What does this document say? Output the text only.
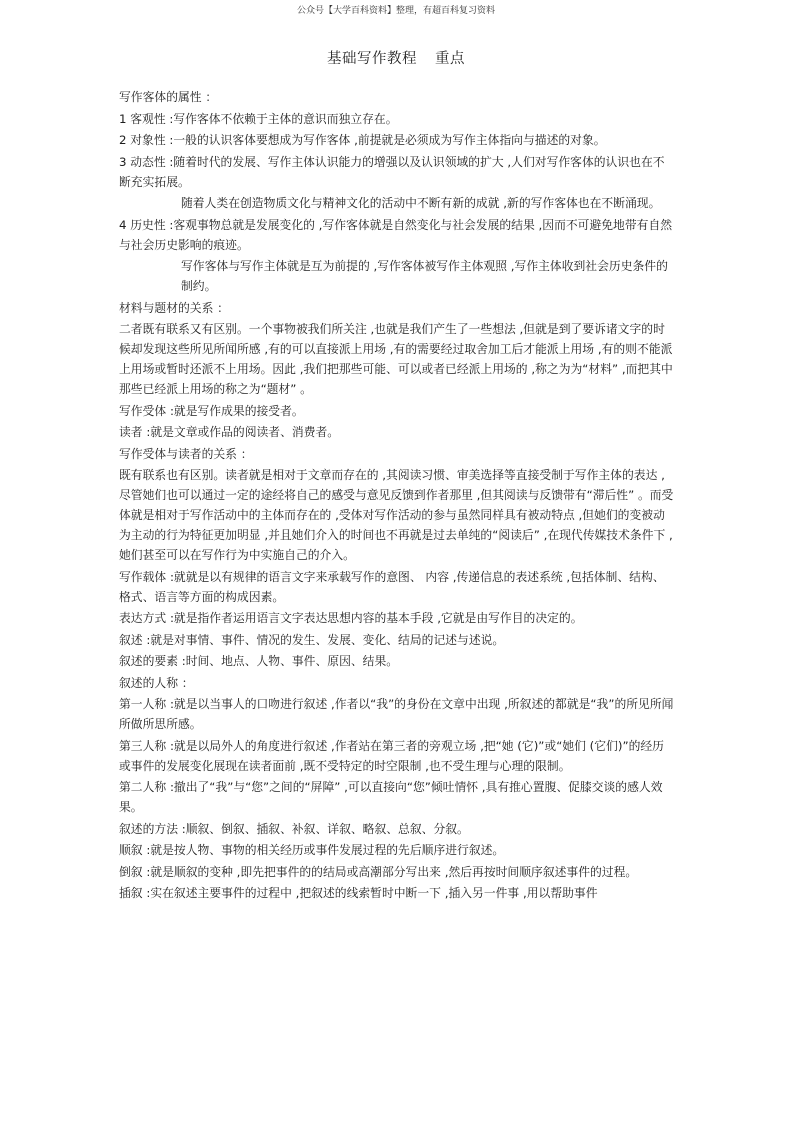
公众号【大学百科资料】整理，有超百科复习资料
基础写作教程 重点

写作客体的属性 ：

1 客观性 :写作客体不依赖于主体的意识而独立存在。

2 对象性 :一般的认识客体要想成为写作客体 ,前提就是必须成为写作主体指向与描述的对象。

3 动态性 :随着时代的发展、写作主体认识能力的增强以及认识领域的扩大 ,人们对写作客体的认识也在不断充实拓展。

随着人类在创造物质文化与精神文化的活动中不断有新的成就 ,新的写作客体也在不断涌现。

4 历史性 :客观事物总就是发展变化的 ,写作客体就是自然变化与社会发展的结果 ,因而不可避免地带有自然与社会历史影响的痕迹。

写作客体与写作主体就是互为前提的 ,写作客体被写作主体观照 ,写作主体收到社会历史条件的制约。

材料与题材的关系 ：

二者既有联系又有区别。一个事物被我们所关注 ,也就是我们产生了一些想法 ,但就是到了要诉诸文字的时候却发现这些所见所闻所感 ,有的可以直接派上用场 ,有的需要经过取舍加工后才能派上用场 ,有的则不能派上用场或暂时还派不上用场。因此 ,我们把那些可能、可以或者已经派上用场的 ,称之为为“材料” ,而把其中那些已经派上用场的称之为“题材” 。

写作受体 :就是写作成果的接受者。

读者 :就是文章或作品的阅读者、消费者。

写作受体与读者的关系 ：

既有联系也有区别。读者就是相对于文章而存在的 ,其阅读习惯、审美选择等直接受制于写作主体的表达 ,尽管她们也可以通过一定的途经将自己的感受与意见反馈到作者那里 ,但其阅读与反馈带有“滞后性” 。而受体就是相对于写作活动中的主体而存在的 ,受体对写作活动的参与虽然同样具有被动特点 ,但她们的变被动为主动的行为特征更加明显 ,并且她们介入的时间也不再就是过去单纯的“阅读后” ,在现代传媒技术条件下 ,她们甚至可以在写作行为中实施自己的介入。

写作载体 :就就是以有规律的语言文字来承载写作的意图、 内容 ,传递信息的表述系统 ,包括体制、结构、格式、语言等方面的构成因素。

表达方式 :就是指作者运用语言文字表达思想内容的基本手段 ,它就是由写作目的决定的。

叙述 :就是对事情、事件、情况的发生、发展、变化、结局的记述与述说。

叙述的要素 :时间、地点、人物、事件、原因、结果。

叙述的人称 ：

第一人称 :就是以当事人的口吻进行叙述 ,作者以“我”的身份在文章中出现 ,所叙述的都就是“我”的所见所闻所做所思所感。

第三人称 :就是以局外人的角度进行叙述 ,作者站在第三者的旁观立场 ,把“她 (它)”或“她们 (它们)”的经历或事件的发展变化展现在读者面前 ,既不受特定的时空限制 ,也不受生理与心理的限制。

第二人称 :撤出了“我”与“您”之间的“屏障” ,可以直接向“您”倾吐情怀 ,具有推心置腹、促膝交谈的感人效果。

叙述的方法 :顺叙、倒叙、插叙、补叙、详叙、略叙、总叙、分叙。

顺叙 :就是按人物、事物的相关经历或事件发展过程的先后顺序进行叙述。

倒叙 :就是顺叙的变种 ,即先把事件的的结局或高潮部分写出来 ,然后再按时间顺序叙述事件的过程。

插叙 :实在叙述主要事件的过程中 ,把叙述的线索暂时中断一下 ,插入另一件事 ,用以帮助事件
